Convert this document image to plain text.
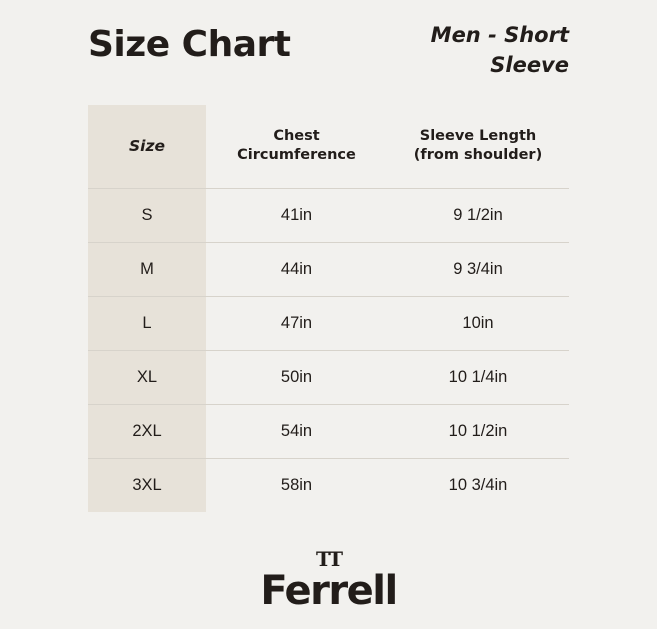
Size Chart	Men - Short Sleeve

Size	Chest Circumference	Sleeve Length
(from shoulder)
S	41in	9 1/2in
M	44in	9 3/4in
L	47in	10in
XL	50in	10 1/4in
2XL	54in	10 1/2in
3XL	58in	10 3/4in
TT
Ferrell
